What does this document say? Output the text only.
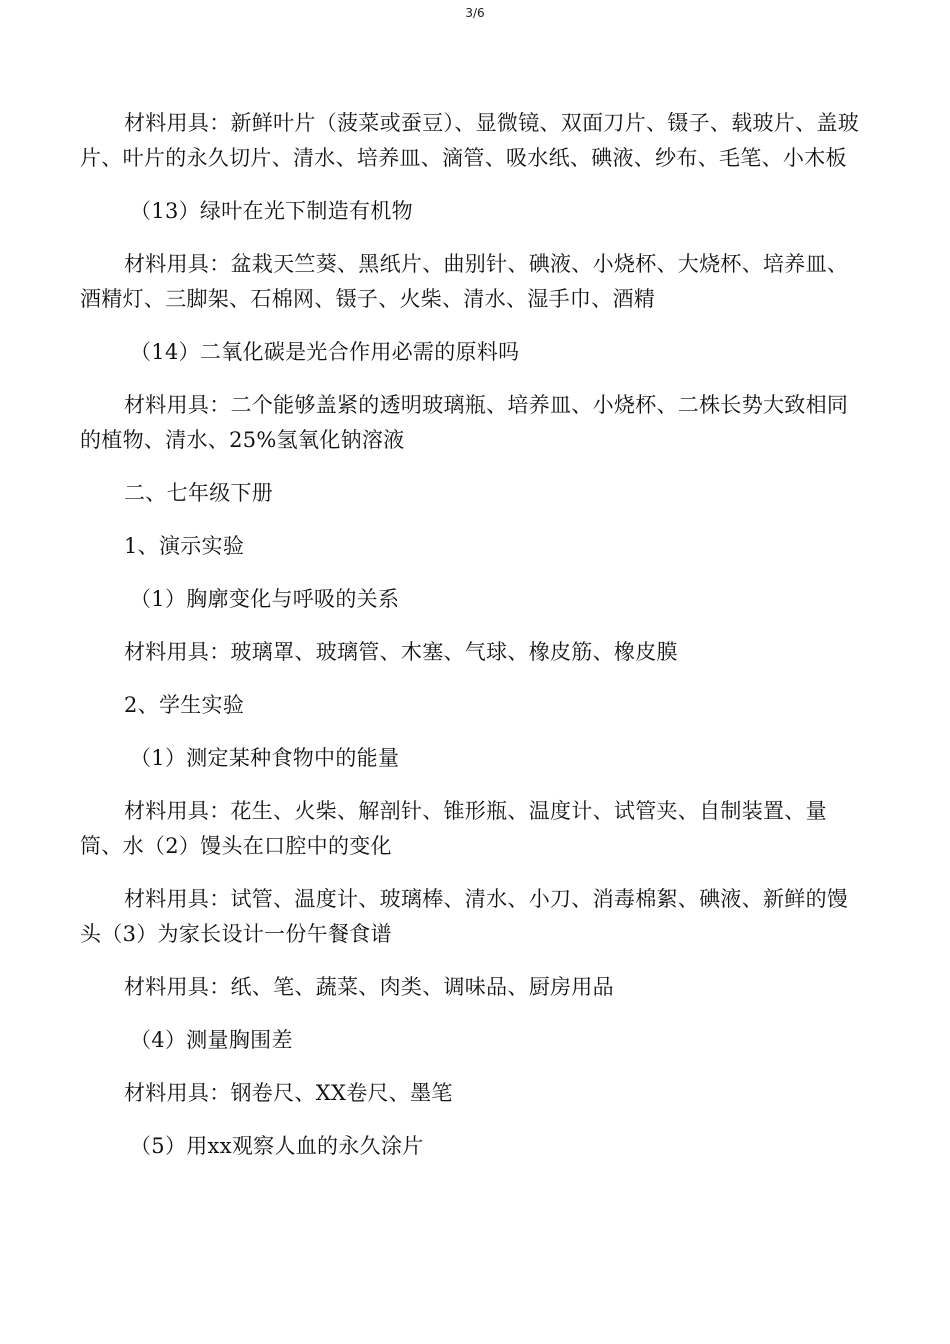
3/6

材料用具：新鲜叶片（菠菜或蚕豆）、显微镜、双面刀片、镊子、载玻片、盖玻片、叶片的永久切片、清水、培养皿、滴管、吸水纸、碘液、纱布、毛笔、小木板

（13）绿叶在光下制造有机物

材料用具：盆栽天竺葵、黑纸片、曲别针、碘液、小烧杯、大烧杯、培养皿、酒精灯、三脚架、石棉网、镊子、火柴、清水、湿手巾、酒精

（14）二氧化碳是光合作用必需的原料吗

材料用具：二个能够盖紧的透明玻璃瓶、培养皿、小烧杯、二株长势大致相同的植物、清水、25%氢氧化钠溶液

二、七年级下册

1、演示实验

（1）胸廓变化与呼吸的关系

材料用具：玻璃罩、玻璃管、木塞、气球、橡皮筋、橡皮膜

2、学生实验

（1）测定某种食物中的能量

材料用具：花生、火柴、解剖针、锥形瓶、温度计、试管夹、自制装置、量筒、水（2）馒头在口腔中的变化

材料用具：试管、温度计、玻璃棒、清水、小刀、消毒棉絮、碘液、新鲜的馒头（3）为家长设计一份午餐食谱

材料用具：纸、笔、蔬菜、肉类、调味品、厨房用品

（4）测量胸围差

材料用具：钢卷尺、XX卷尺、墨笔

（5）用xx观察人血的永久涂片
